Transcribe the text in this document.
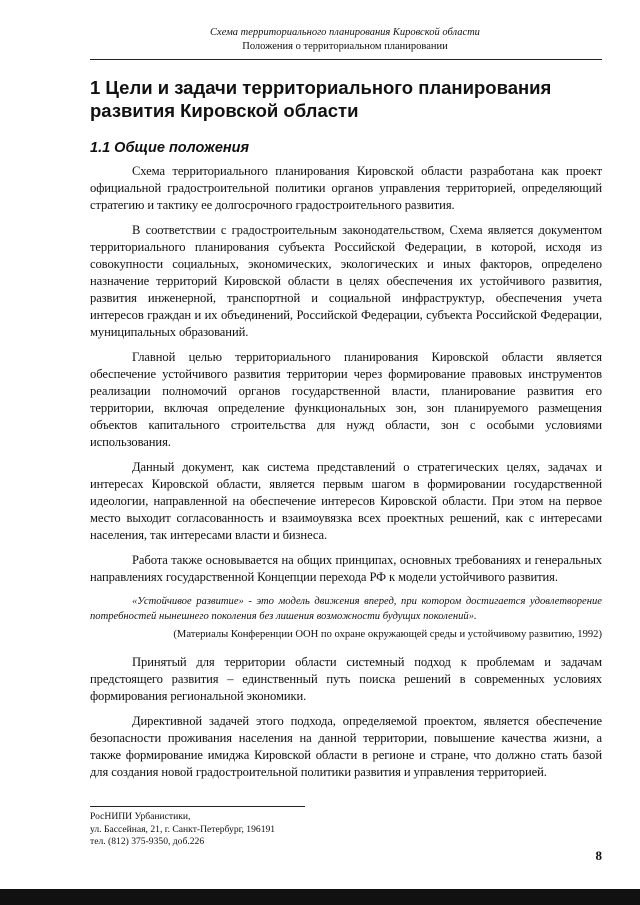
Схема территориального планирования Кировской области
Положения о территориальном планировании
1 Цели и задачи территориального планирования развития Кировской области
1.1 Общие положения

Схема территориального планирования Кировской области разработана как проект официальной градостроительной политики органов управления территорией, определяющий стратегию и тактику ее долгосрочного градостроительного развития.

В соответствии с градостроительным законодательством, Схема является документом территориального планирования субъекта Российской Федерации, в которой, исходя из совокупности социальных, экономических, экологических и иных факторов, определено назначение территорий Кировской области в целях обеспечения их устойчивого развития, развития инженерной, транспортной и социальной инфраструктур, обеспечения учета интересов граждан и их объединений, Российской Федерации, субъекта Российской Федерации, муниципальных образований.

Главной целью территориального планирования Кировской области является обеспечение устойчивого развития территории через формирование правовых инструментов реализации полномочий органов государственной власти, планирование развития его территории, включая определение функциональных зон, зон планируемого размещения объектов капитального строительства для нужд области, зон с особыми условиями использования.

Данный документ, как система представлений о стратегических целях, задачах и интересах Кировской области, является первым шагом в формировании государственной идеологии, направленной на обеспечение интересов Кировской области. При этом на первое место выходит согласованность и взаимоувязка всех проектных решений, как с интересами населения, так интересами власти и бизнеса.

Работа также основывается на общих принципах, основных требованиях и генеральных направлениях государственной Концепции перехода РФ к модели устойчивого развития.

«Устойчивое развитие» - это модель движения вперед, при котором достигается удовлетворение потребностей нынешнего поколения без лишения возможности будущих поколений».

(Материалы Конференции ООН по охране окружающей среды и устойчивому развитию, 1992)

Принятый для территории области системный подход к проблемам и задачам предстоящего развития – единственный путь поиска решений в современных условиях формирования региональной экономики.

Директивной задачей этого подхода, определяемой проектом, является обеспечение безопасности проживания населения на данной территории, повышение качества жизни, а также формирование имиджа Кировской области в регионе и стране, что должно стать базой для создания новой градостроительной политики развития и управления территорией.

РосНИПИ Урбанистики,
ул. Бассейная, 21, г. Санкт-Петербург, 196191
тел. (812) 375-9350, доб.226
8
